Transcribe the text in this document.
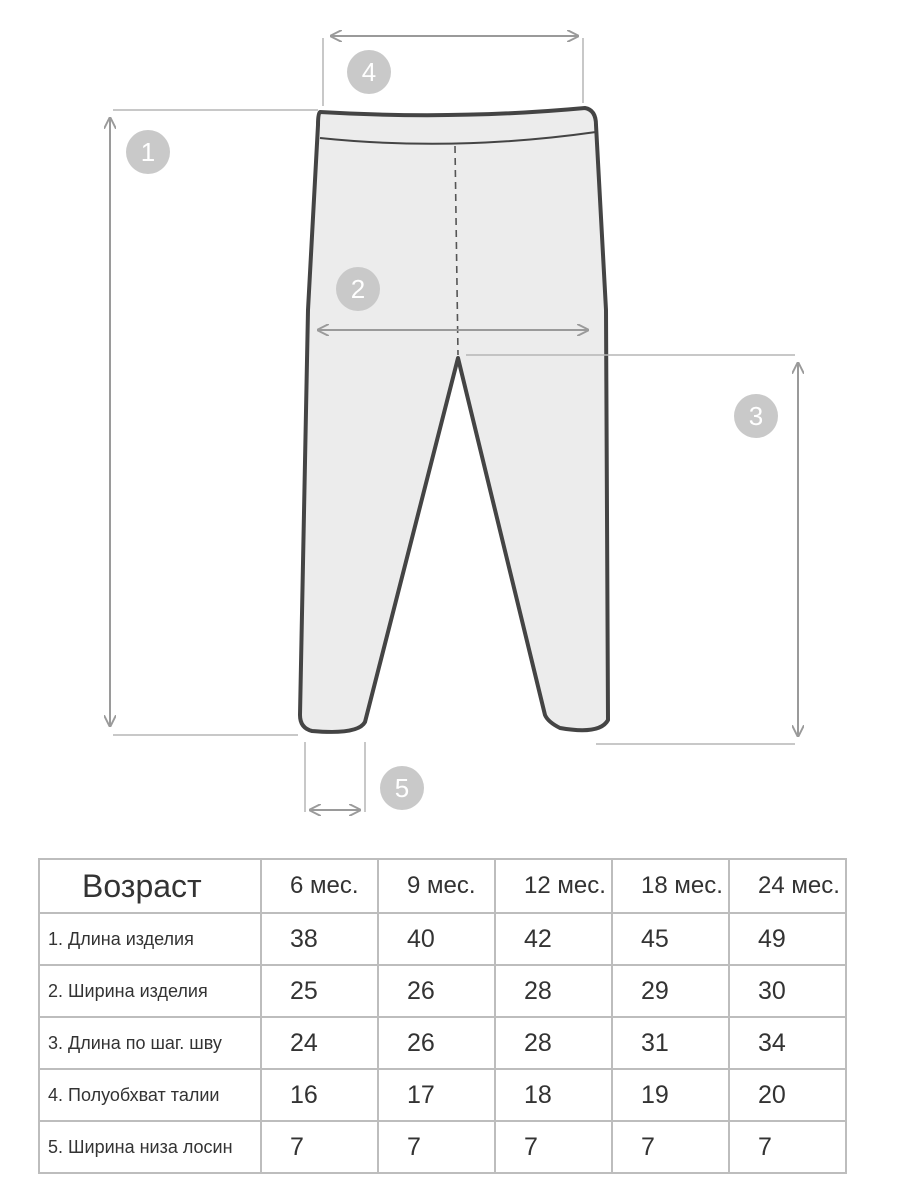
1
2
3
4
5
Возраст	6 мес.	9 мес.	12 мес.	18 мес.	24 мес.
1. Длина изделия	38	40	42	45	49
2. Ширина изделия	25	26	28	29	30
3. Длина по шаг. шву	24	26	28	31	34
4. Полуобхват талии	16	17	18	19	20
5. Ширина низа лосин	7	7	7	7	7
